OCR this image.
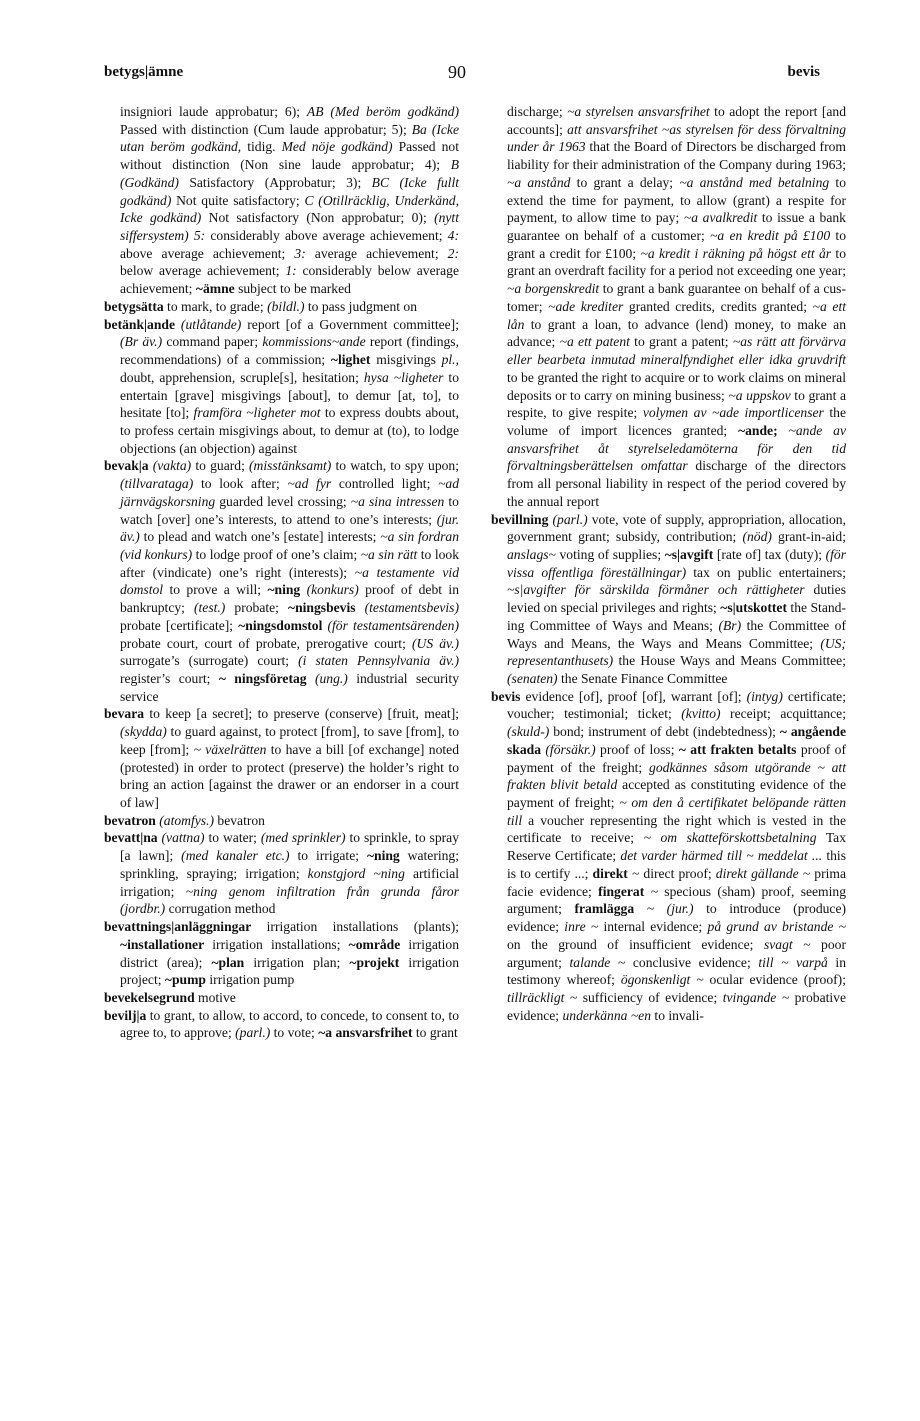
betygs|ämne	90	bevis

insigniori laude approbatur; 6); AB (Med beröm godkänd) Passed with distinction (Cum laude approbatur; 5); Ba (Icke utan beröm godkänd, tidig. Med nöje godkänd) Passed not without distinction (Non sine laude approbatur; 4); B (Godkänd) Satisfactory (Approbatur; 3); BC (Icke fullt godkänd) Not quite satisfactory; C (Otillräcklig, Underkänd, Icke godkänd) Not satisfactory (Non approbatur; 0); (nytt siffersystem) 5: considerably above average achievement; 4: above average achievement; 3: average achievement; 2: below average achievement; 1: considerably below average achievement; ~ämne subject to be marked

betygsätta to mark, to grade; (bildl.) to pass judgment on

betänk|ande (utlåtande) report [of a Government committee]; (Br äv.) command paper; kommissions~ande report (findings, recommendations) of a commission; ~lighet misgivings pl., doubt, apprehension, scruple[s], hesitation; hysa ~ligheter to entertain [grave] misgivings [about], to demur [at, to], to hesitate [to]; framföra ~ligheter mot to express doubts about, to profess certain misgivings about, to demur at (to), to lodge objections (an objection) against

bevak|a (vakta) to guard; (misstänksamt) to watch, to spy upon; (tillvarataga) to look after; ~ad fyr controlled light; ~ad järnvägskorsning guarded level crossing; ~a sina intressen to watch [over] one’s interests, to attend to one’s interests; (jur. äv.) to plead and watch one’s [estate] interests; ~a sin fordran (vid konkurs) to lodge proof of one’s claim; ~a sin rätt to look after (vindicate) one’s right (interests); ~a testamente vid domstol to prove a will; ~ning (konkurs) proof of debt in bankruptcy; (test.) probate; ~ningsbevis (testamentsbevis) probate [certificate]; ~ningsdomstol (för testamentsärenden) probate court, court of probate, prerogative court; (US äv.) surrogate’s (surrogate) court; (i staten Pennsylvania äv.) register’s court; ~ ningsföretag (ung.) industrial security service

bevara to keep [a secret]; to preserve (conserve) [fruit, meat]; (skydda) to guard against, to protect [from], to save [from], to keep [from]; ~ växelrätten to have a bill [of exchange] noted (protested) in order to protect (preserve) the holder’s right to bring an action [against the drawer or an endorser in a court of law]

bevatron (atomfys.) bevatron

bevatt|na (vattna) to water; (med sprinkler) to sprinkle, to spray [a lawn]; (med kanaler etc.) to irrigate; ~ning watering; sprinkling, spraying; irrigation; konstgjord ~ning artificial irrigation; ~ning genom infiltration från grunda fåror (jordbr.) corrugation method

bevattnings|anläggningar irrigation installations (plants); ~installationer irrigation installations; ~område irrigation district (area); ~plan irrigation plan; ~projekt irrigation project; ~pump irrigation pump

bevekelsegrund motive

bevilj|a to grant, to allow, to accord, to concede, to consent to, to agree to, to approve; (parl.) to vote; ~a ansvarsfrihet to grant

discharge; ~a styrelsen ansvarsfrihet to adopt the report [and accounts]; att ansvarsfrihet ~as styrelsen för dess förvaltning under år 1963 that the Board of Directors be discharged from liability for their administration of the Company during 1963; ~a anstånd to grant a delay; ~a anstånd med betalning to extend the time for payment, to allow (grant) a respite for payment, to allow time to pay; ~a avalkredit to issue a bank guarantee on behalf of a customer; ~a en kredit på £100 to grant a credit for £100; ~a kredit i räkning på högst ett år to grant an overdraft facility for a period not exceeding one year; ~a borgenskredit to grant a bank guarantee on behalf of a customer; ~ade krediter granted credits, credits granted; ~a ett lån to grant a loan, to advance (lend) money, to make an advance; ~a ett patent to grant a patent; ~as rätt att förvärva eller bearbeta inmutad mineralfyndighet eller idka gruvdrift to be granted the right to acquire or to work claims on mineral deposits or to carry on mining business; ~a uppskov to grant a respite, to give respite; volymen av ~ade importlicenser the volume of import licences granted; ~ande; ~ande av ansvarsfrihet åt styrelseledamöterna för den tid förvaltningsberättelsen omfattar discharge of the directors from all personal liability in respect of the period covered by the annual report

bevillning (parl.) vote, vote of supply, appropriation, allocation, government grant; subsidy, contribution; (nöd) grant-in-aid; anslags~ voting of supplies; ~s|avgift [rate of] tax (duty); (för vissa offentliga föreställningar) tax on public entertainers; ~s|avgifter för särskilda förmåner och rättigheter duties levied on special privileges and rights; ~s|utskottet the Standing Committee of Ways and Means; (Br) the Committee of Ways and Means, the Ways and Means Committee; (US; representanthusets) the House Ways and Means Committee; (senaten) the Senate Finance Committee

bevis evidence [of], proof [of], warrant [of]; (intyg) certificate; voucher; testimonial; ticket; (kvitto) receipt; acquittance; (skuld-) bond; instrument of debt (indebtedness); ~ angående skada (försäkr.) proof of loss; ~ att frakten betalts proof of payment of the freight; godkännes såsom utgörande ~ att frakten blivit betald accepted as constituting evidence of the payment of freight; ~ om den å certifikatet belöpande rätten till a voucher representing the right which is vested in the certificate to receive; ~ om skatteförskottsbetalning Tax Reserve Certificate; det varder härmed till ~ meddelat ... this is to certify ...; direkt ~ direct proof; direkt gällande ~ prima facie evidence; fingerat ~ specious (sham) proof, seeming argument; framlägga ~ (jur.) to introduce (produce) evidence; inre ~ internal evidence; på grund av bristande ~ on the ground of insufficient evidence; svagt ~ poor argument; talande ~ conclusive evidence; till ~ varpå in testimony whereof; ögonskenligt ~ ocular evidence (proof); tillräckligt ~ sufficiency of evidence; tvingande ~ probative evidence; underkänna ~en to invali-
